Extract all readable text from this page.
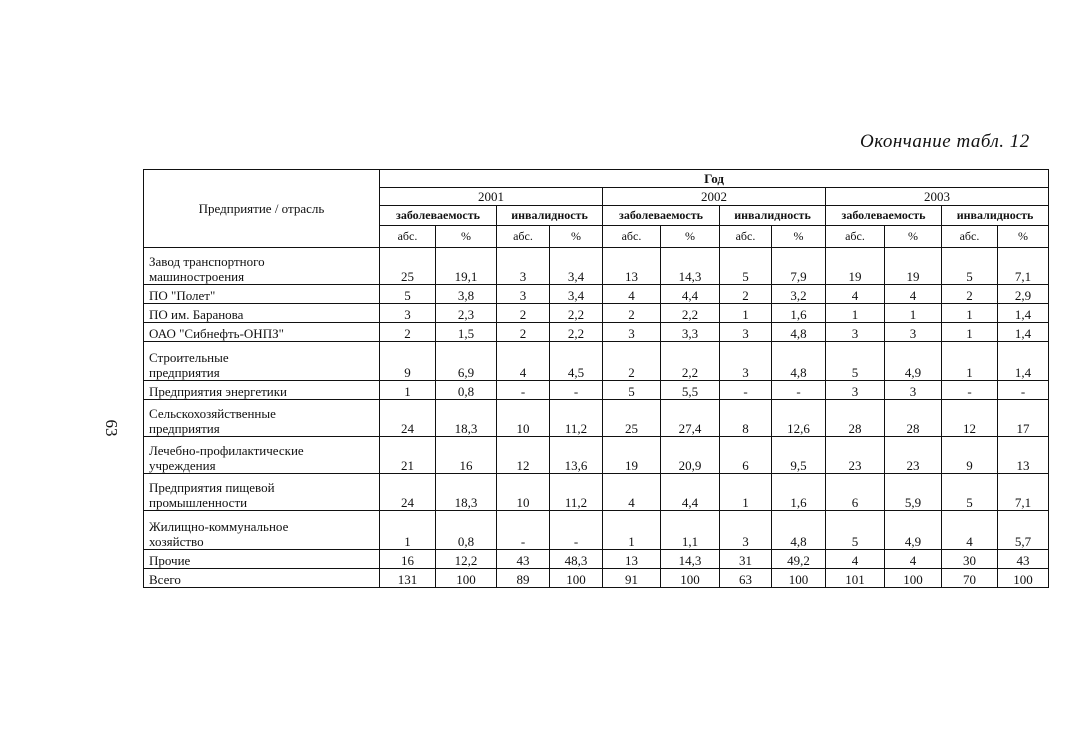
Окончание табл. 12
63
Предприятие / отрасль	Год											
	2001				2002				2003			
	заболеваемость		инвалидность		заболеваемость		инвалидность		заболеваемость		инвалидность	
	абс.	%	абс.	%	абс.	%	абс.	%	абс.	%	абс.	%

Завод транспортного
машиностроения	25	19,1	3	3,4	13	14,3	5	7,9	19	19	5	7,1

ПО "Полет"	5	3,8	3	3,4	4	4,4	2	3,2	4	4	2	2,9

ПО им. Баранова	3	2,3	2	2,2	2	2,2	1	1,6	1	1	1	1,4

ОАО "Сибнефть-ОНПЗ"	2	1,5	2	2,2	3	3,3	3	4,8	3	3	1	1,4

Строительные
предприятия	9	6,9	4	4,5	2	2,2	3	4,8	5	4,9	1	1,4

Предприятия энергетики	1	0,8	-	-	5	5,5	-	-	3	3	-	-

Сельскохозяйственные
предприятия	24	18,3	10	11,2	25	27,4	8	12,6	28	28	12	17

Лечебно-профилактические
учреждения	21	16	12	13,6	19	20,9	6	9,5	23	23	9	13

Предприятия пищевой
промышленности	24	18,3	10	11,2	4	4,4	1	1,6	6	5,9	5	7,1

Жилищно-коммунальное
хозяйство	1	0,8	-	-	1	1,1	3	4,8	5	4,9	4	5,7

Прочие	16	12,2	43	48,3	13	14,3	31	49,2	4	4	30	43

Всего	131	100	89	100	91	100	63	100	101	100	70	100
